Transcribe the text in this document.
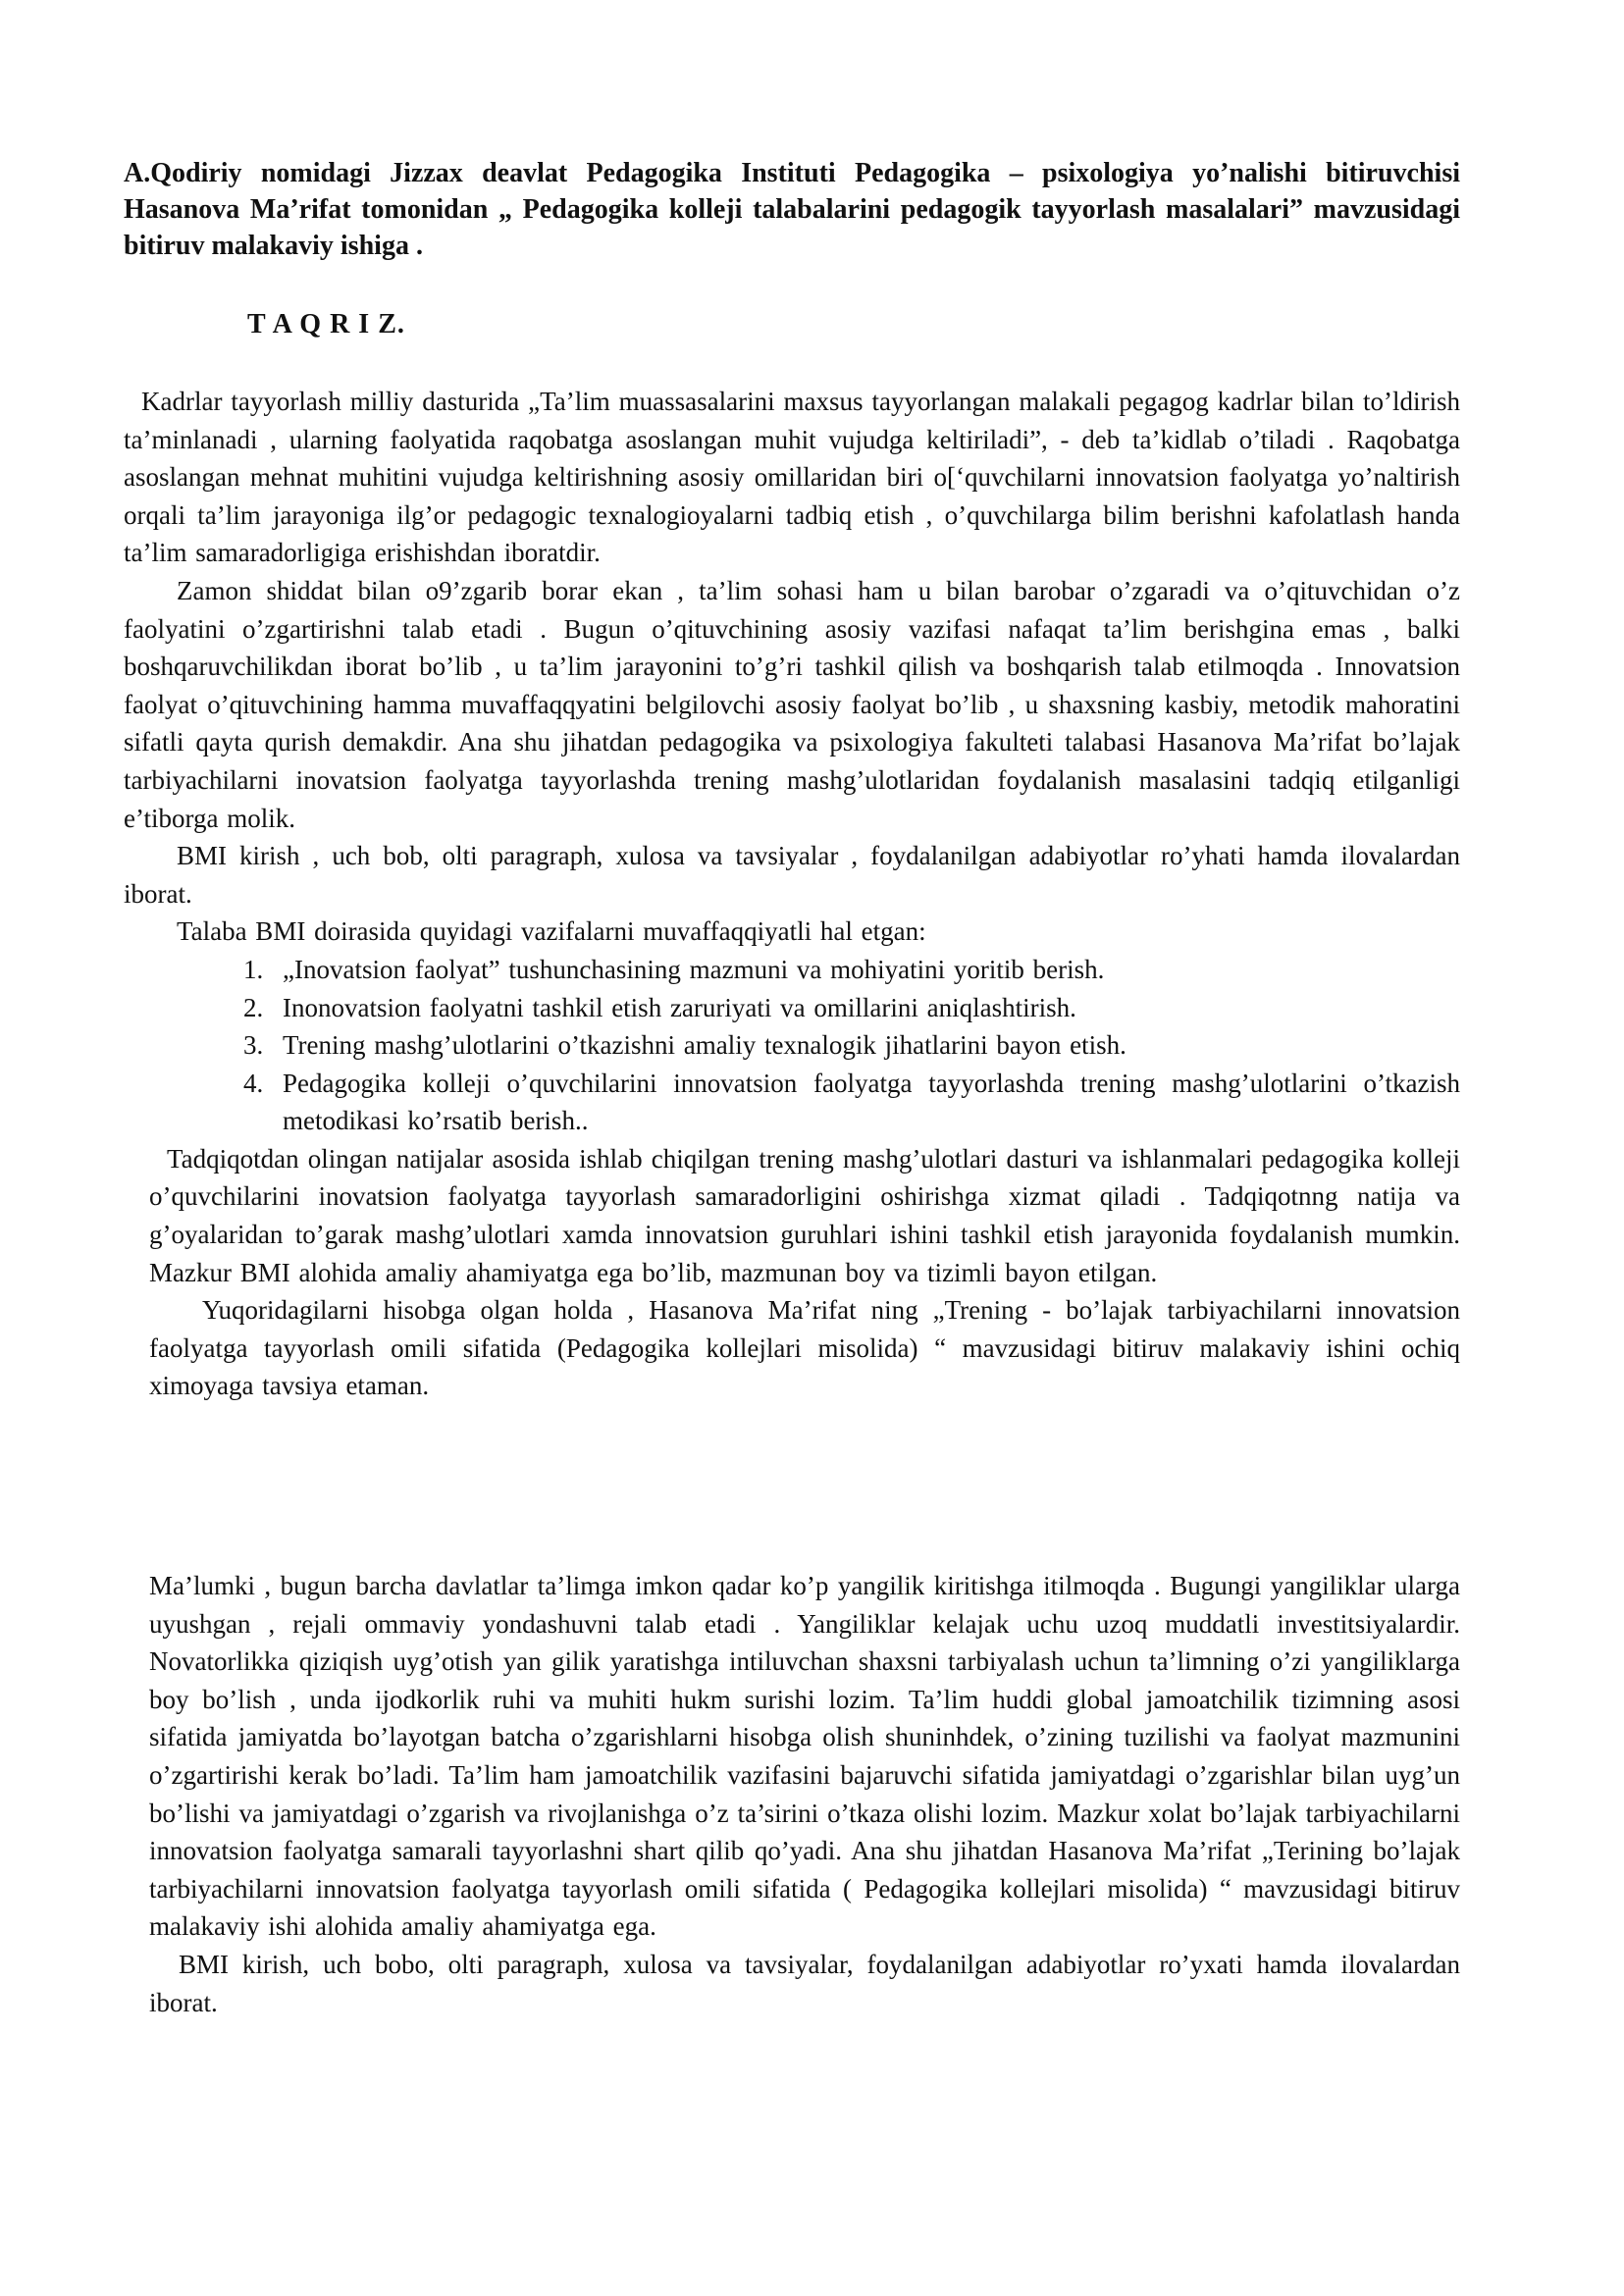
A.Qodiriy nomidagi Jizzax deavlat Pedagogika Instituti Pedagogika – psixologiya yo’nalishi bitiruvchisi Hasanova Ma’rifat tomonidan „ Pedagogika kolleji talabalarini pedagogik tayyorlash masalalari” mavzusidagi bitiruv malakaviy ishiga .
T A Q R I Z.

Kadrlar tayyorlash milliy dasturida „Ta’lim muassasalarini maxsus tayyorlangan malakali pegagog kadrlar bilan to’ldirish ta’minlanadi , ularning faolyatida raqobatga asoslangan muhit vujudga keltiriladi”, - deb ta’kidlab o’tiladi . Raqobatga asoslangan mehnat muhitini vujudga keltirishning asosiy omillaridan biri o[‘quvchilarni innovatsion faolyatga yo’naltirish orqali ta’lim jarayoniga ilg’or pedagogic texnalogioyalarni tadbiq etish , o’quvchilarga bilim berishni kafolatlash handa ta’lim samaradorligiga erishishdan iboratdir.

Zamon shiddat bilan o9’zgarib borar ekan , ta’lim sohasi ham u bilan barobar o’zgaradi va o’qituvchidan o’z faolyatini o’zgartirishni talab etadi . Bugun o’qituvchining asosiy vazifasi nafaqat ta’lim berishgina emas , balki boshqaruvchilikdan iborat bo’lib , u ta’lim jarayonini to’g’ri tashkil qilish va boshqarish talab etilmoqda . Innovatsion faolyat o’qituvchining hamma muvaffaqqyatini belgilovchi asosiy faolyat bo’lib , u shaxsning kasbiy, metodik mahoratini sifatli qayta qurish demakdir. Ana shu jihatdan pedagogika va psixologiya fakulteti talabasi Hasanova Ma’rifat bo’lajak tarbiyachilarni inovatsion faolyatga tayyorlashda trening mashg’ulotlaridan foydalanish masalasini tadqiq etilganligi e’tiborga molik.

BMI kirish , uch bob, olti paragraph, xulosa va tavsiyalar , foydalanilgan adabiyotlar ro’yhati hamda ilovalardan iborat.

Talaba BMI doirasida quyidagi vazifalarni muvaffaqqiyatli hal etgan:

1. „Inovatsion faolyat” tushunchasining mazmuni va mohiyatini yoritib berish.
2. Inonovatsion faolyatni tashkil etish zaruriyati va omillarini aniqlashtirish.
3. Trening mashg’ulotlarini o’tkazishni amaliy texnalogik jihatlarini bayon etish.
4. Pedagogika kolleji o’quvchilarini innovatsion faolyatga tayyorlashda trening mashg’ulotlarini o’tkazish metodikasi ko’rsatib berish..

Tadqiqotdan olingan natijalar asosida ishlab chiqilgan trening mashg’ulotlari dasturi va ishlanmalari pedagogika kolleji o’quvchilarini inovatsion faolyatga tayyorlash samaradorligini oshirishga xizmat qiladi . Tadqiqotnng natija va g’oyalaridan to’garak mashg’ulotlari xamda innovatsion guruhlari ishini tashkil etish jarayonida foydalanish mumkin. Mazkur BMI alohida amaliy ahamiyatga ega bo’lib, mazmunan boy va tizimli bayon etilgan.

Yuqoridagilarni hisobga olgan holda , Hasanova Ma’rifat ning „Trening - bo’lajak tarbiyachilarni innovatsion faolyatga tayyorlash omili sifatida (Pedagogika kollejlari misolida) “ mavzusidagi bitiruv malakaviy ishini ochiq ximoyaga tavsiya etaman.

Ma’lumki , bugun barcha davlatlar ta’limga imkon qadar ko’p yangilik kiritishga itilmoqda . Bugungi yangiliklar ularga uyushgan , rejali ommaviy yondashuvni talab etadi . Yangiliklar kelajak uchu uzoq muddatli investitsiyalardir. Novatorlikka qiziqish uyg’otish yan gilik yaratishga intiluvchan shaxsni tarbiyalash uchun ta’limning o’zi yangiliklarga boy bo’lish , unda ijodkorlik ruhi va muhiti hukm surishi lozim. Ta’lim huddi global jamoatchilik tizimning asosi sifatida jamiyatda bo’layotgan batcha o’zgarishlarni hisobga olish shuninhdek, o’zining tuzilishi va faolyat mazmunini o’zgartirishi kerak bo’ladi. Ta’lim ham jamoatchilik vazifasini bajaruvchi sifatida jamiyatdagi o’zgarishlar bilan uyg’un bo’lishi va jamiyatdagi o’zgarish va rivojlanishga o’z ta’sirini o’tkaza olishi lozim. Mazkur xolat bo’lajak tarbiyachilarni innovatsion faolyatga samarali tayyorlashni shart qilib qo’yadi. Ana shu jihatdan Hasanova Ma’rifat „Terining bo’lajak tarbiyachilarni innovatsion faolyatga tayyorlash omili sifatida ( Pedagogika kollejlari misolida) “ mavzusidagi bitiruv malakaviy ishi alohida amaliy ahamiyatga ega.

BMI kirish, uch bobo, olti paragraph, xulosa va tavsiyalar, foydalanilgan adabiyotlar ro’yxati hamda ilovalardan iborat.
